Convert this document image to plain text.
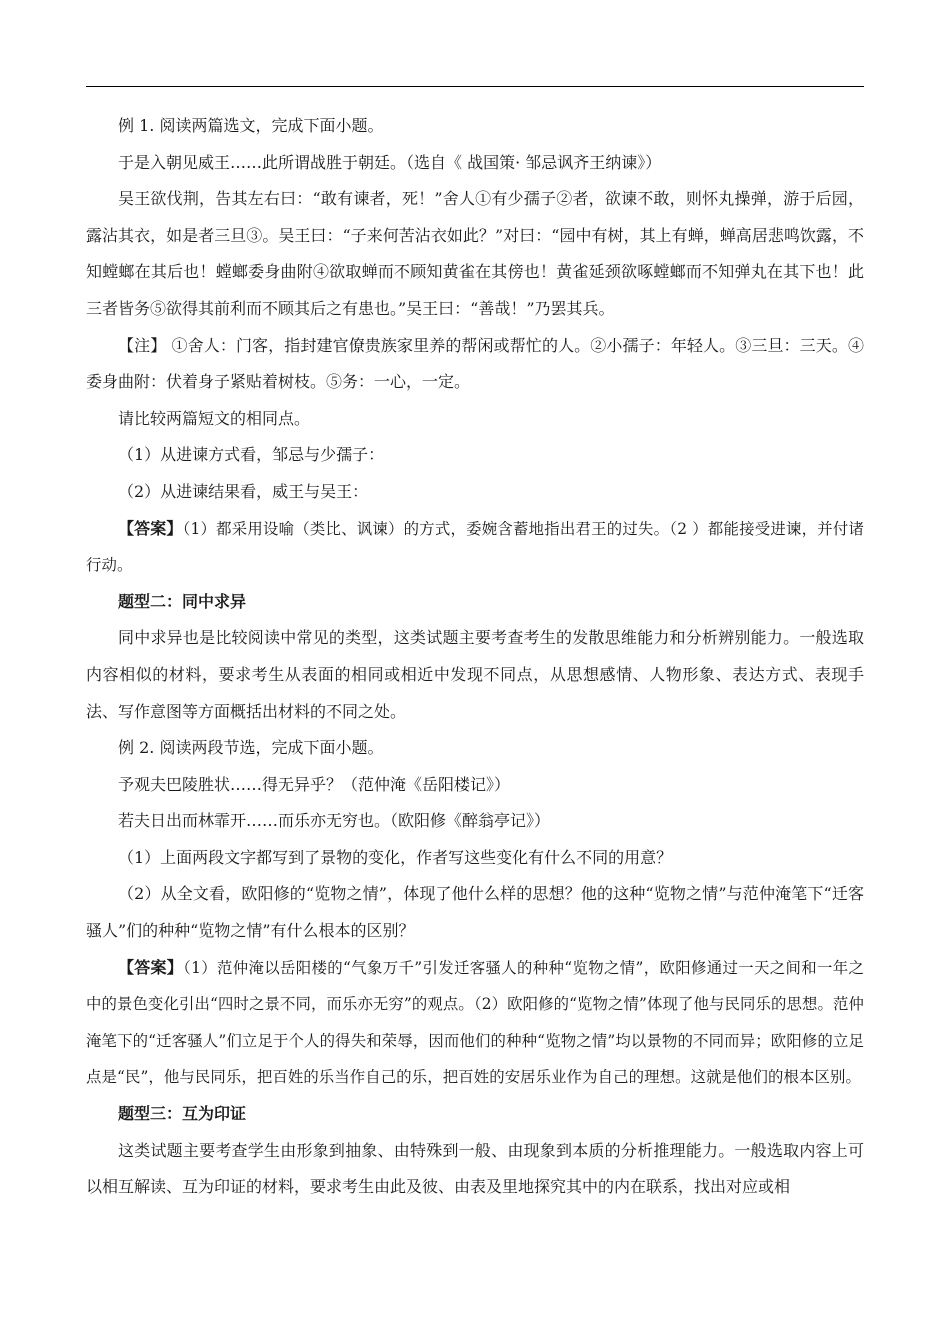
例 1. 阅读两篇选文，完成下面小题。

于是入朝见威王……此所谓战胜于朝廷。（选自《 战国策· 邹忌讽齐王纳谏》）

吴王欲伐荆，告其左右曰：“敢有谏者，死！”舍人①有少孺子②者，欲谏不敢，则怀丸操弹，游于后园，露沾其衣，如是者三旦③。吴王曰：“子来何苦沾衣如此？”对曰：“园中有树，其上有蝉，蝉高居悲鸣饮露，不知螳螂在其后也！螳螂委身曲附④欲取蝉而不顾知黄雀在其傍也！黄雀延颈欲啄螳螂而不知弹丸在其下也！此三者皆务⑤欲得其前利而不顾其后之有患也。”吴王曰：“善哉！”乃罢其兵。

【注】 ①舍人：门客，指封建官僚贵族家里养的帮闲或帮忙的人。②小孺子：年轻人。③三旦：三天。④委身曲附：伏着身子紧贴着树枝。⑤务：一心，一定。

请比较两篇短文的相同点。

（1）从进谏方式看，邹忌与少孺子：

（2）从进谏结果看，威王与吴王：

【答案】（1）都采用设喻（类比、讽谏）的方式，委婉含蓄地指出君王的过失。（2 ）都能接受进谏，并付诸行动。

题型二：同中求异

同中求异也是比较阅读中常见的类型，这类试题主要考查考生的发散思维能力和分析辨别能力。一般选取内容相似的材料，要求考生从表面的相同或相近中发现不同点，从思想感情、人物形象、表达方式、表现手法、写作意图等方面概括出材料的不同之处。

例 2. 阅读两段节选，完成下面小题。

予观夫巴陵胜状……得无异乎？（范仲淹《岳阳楼记》）

若夫日出而林霏开……而乐亦无穷也。（欧阳修《醉翁亭记》）

（1）上面两段文字都写到了景物的变化，作者写这些变化有什么不同的用意？

（2）从全文看，欧阳修的“览物之情”，体现了他什么样的思想？他的这种“览物之情”与范仲淹笔下“迁客骚人”们的种种“览物之情”有什么根本的区别？

【答案】（1）范仲淹以岳阳楼的“气象万千”引发迁客骚人的种种“览物之情”，欧阳修通过一天之间和一年之中的景色变化引出“四时之景不同，而乐亦无穷”的观点。（2）欧阳修的“览物之情”体现了他与民同乐的思想。范仲淹笔下的“迁客骚人”们立足于个人的得失和荣辱，因而他们的种种“览物之情”均以景物的不同而异；欧阳修的立足点是“民”，他与民同乐，把百姓的乐当作自己的乐，把百姓的安居乐业作为自己的理想。这就是他们的根本区别。

题型三：互为印证

这类试题主要考查学生由形象到抽象、由特殊到一般、由现象到本质的分析推理能力。一般选取内容上可以相互解读、互为印证的材料，要求考生由此及彼、由表及里地探究其中的内在联系，找出对应或相
